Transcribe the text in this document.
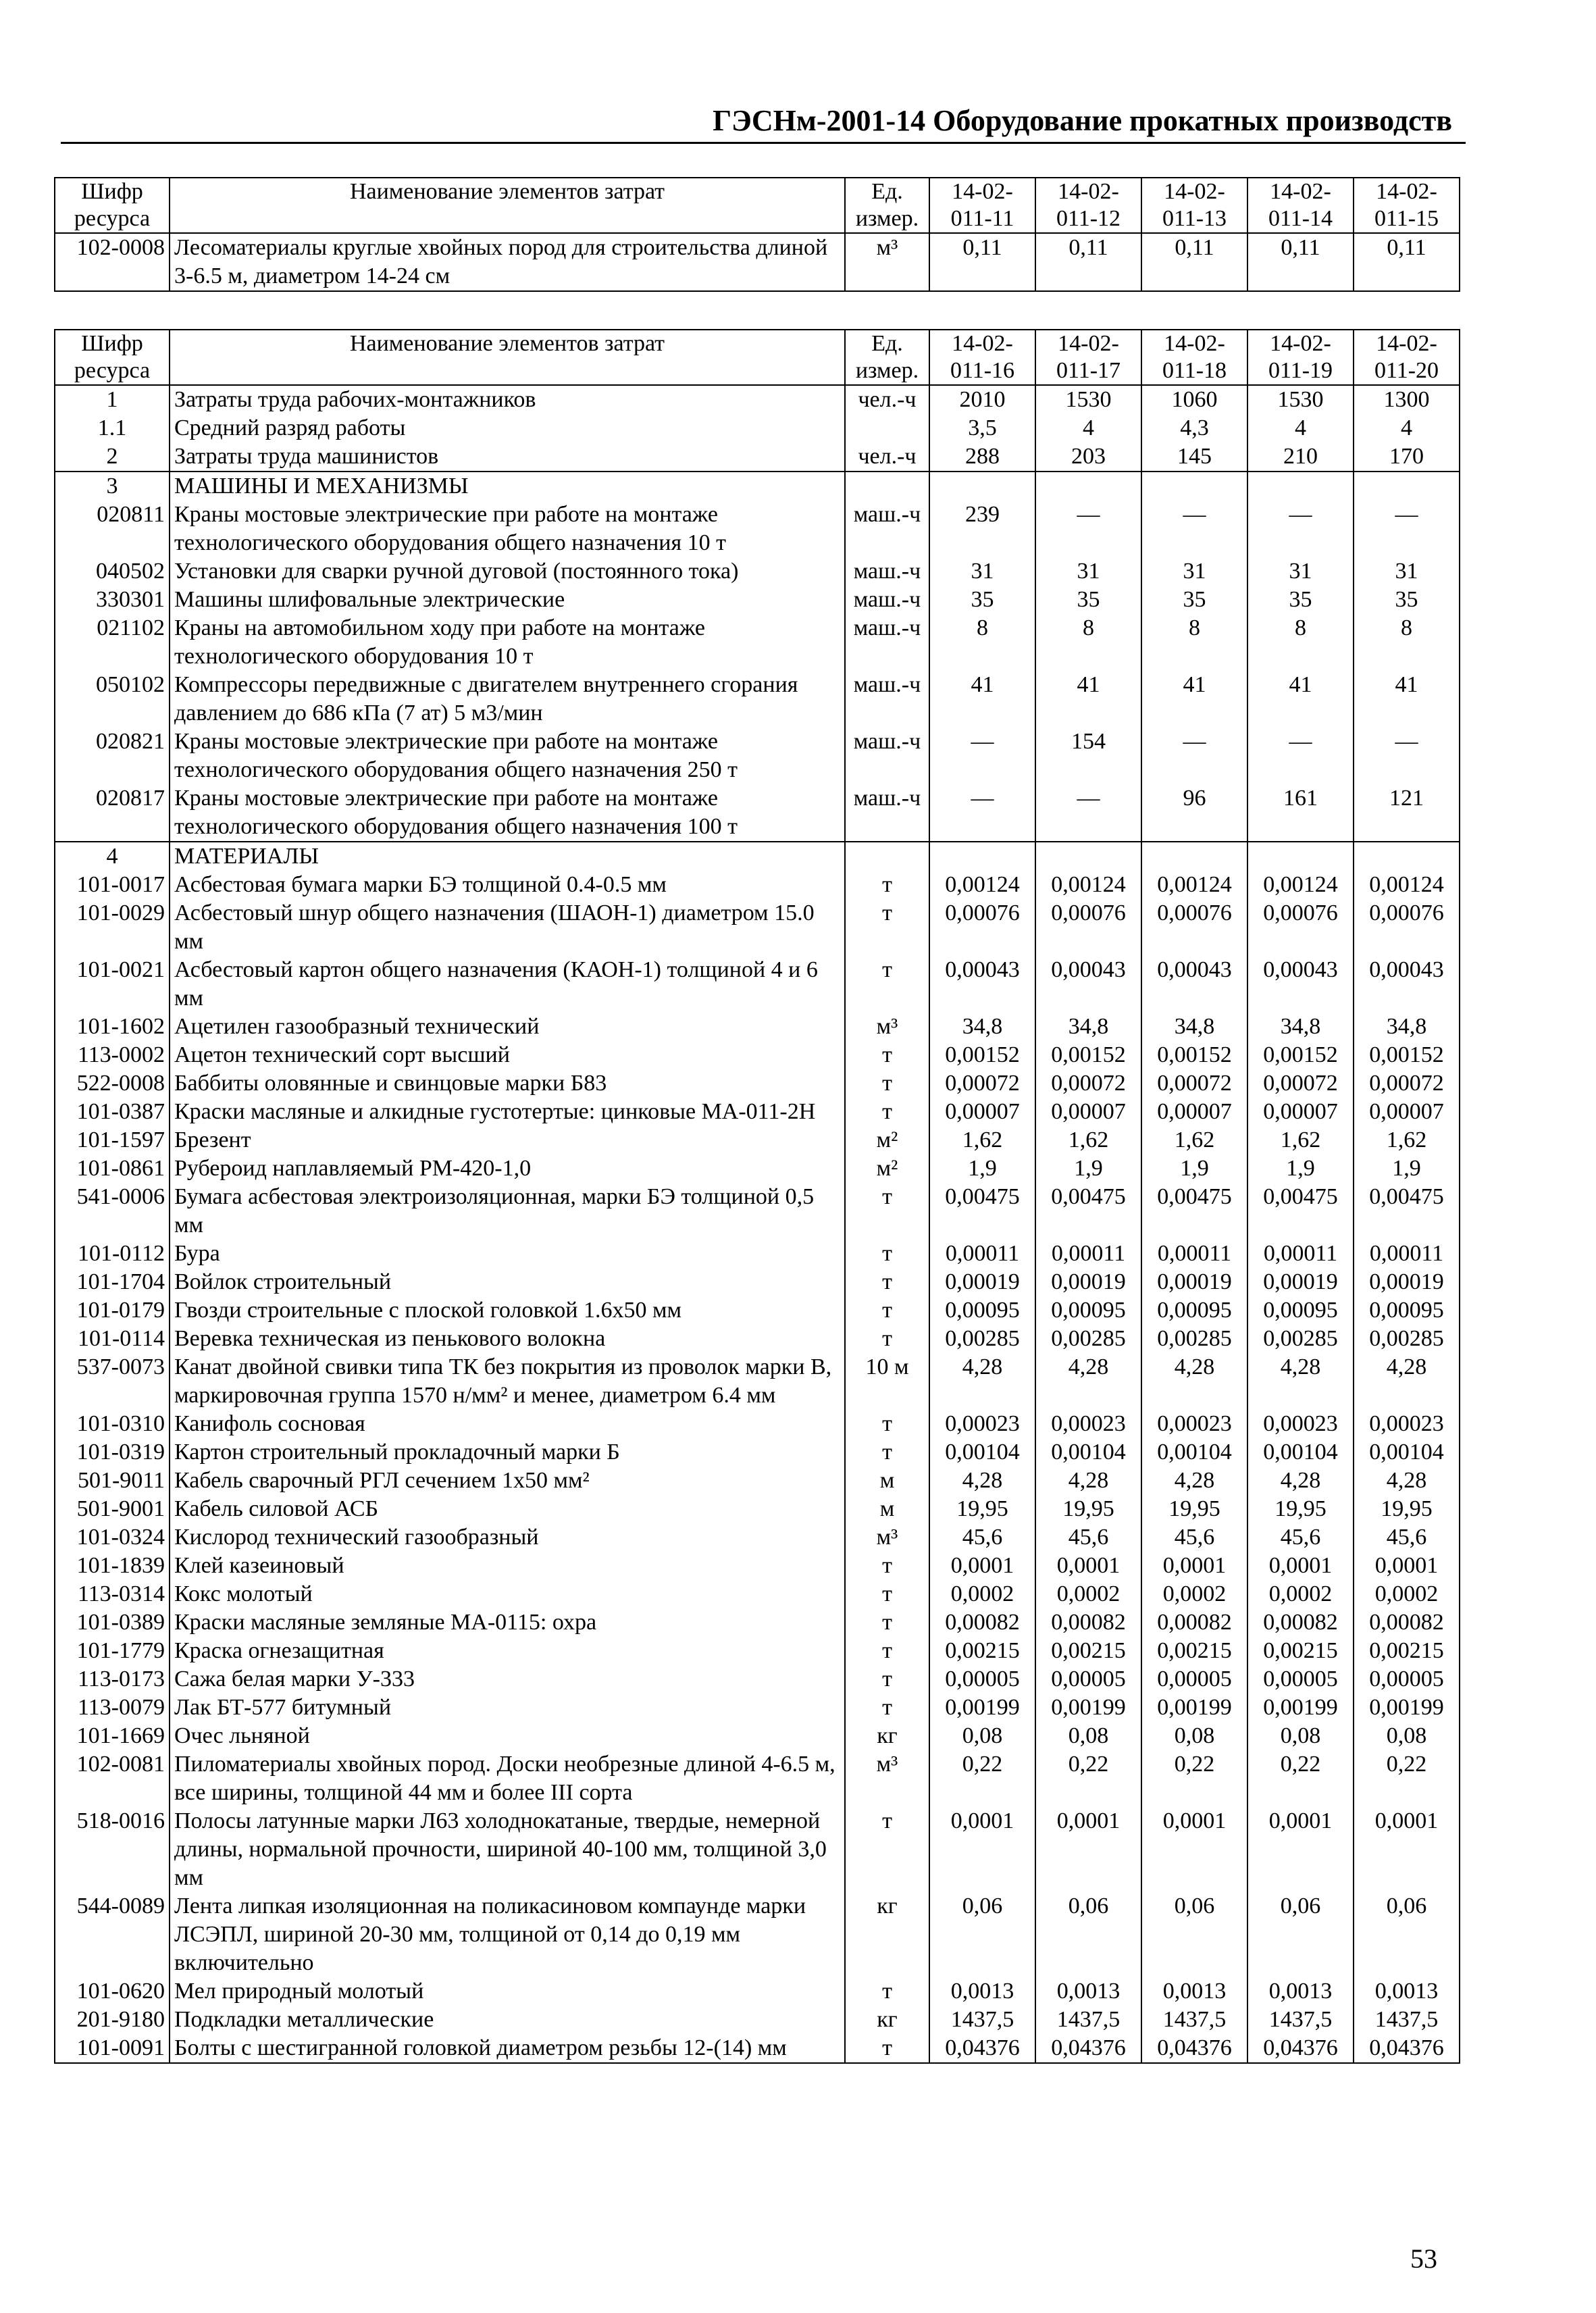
ГЭСНм-2001-14 Оборудование прокатных производств
Шифр ресурса	Наименование элементов затрат	Ед. измер.	14-02-011-11	14-02-011-12	14-02-011-13	14-02-011-14	14-02-011-15
102-0008	Лесоматериалы круглые хвойных пород для строительства длиной 3-6.5 м, диаметром 14-24 см	м³	0,11	0,11	0,11	0,11	0,11
Шифр ресурса	Наименование элементов затрат	Ед. измер.	14-02-011-16	14-02-011-17	14-02-011-18	14-02-011-19	14-02-011-20
1	Затраты труда рабочих-монтажников	чел.-ч	2010	1530	1060	1530	1300
1.1	Средний разряд работы		3,5	4	4,3	4	4
2	Затраты труда машинистов	чел.-ч	288	203	145	210	170
3	МАШИНЫ И МЕХАНИЗМЫ						
020811	Краны мостовые электрические при работе на монтаже технологического оборудования общего назначения 10 т	маш.-ч	239	—	—	—	—
040502	Установки для сварки ручной дуговой (постоянного тока)	маш.-ч	31	31	31	31	31
330301	Машины шлифовальные электрические	маш.-ч	35	35	35	35	35
021102	Краны на автомобильном ходу при работе на монтаже технологического оборудования 10 т	маш.-ч	8	8	8	8	8
050102	Компрессоры передвижные с двигателем внутреннего сгорания давлением до 686 кПа (7 ат) 5 м3/мин	маш.-ч	41	41	41	41	41
020821	Краны мостовые электрические при работе на монтаже технологического оборудования общего назначения 250 т	маш.-ч	—	154	—	—	—
020817	Краны мостовые электрические при работе на монтаже технологического оборудования общего назначения 100 т	маш.-ч	—	—	96	161	121
4	МАТЕРИАЛЫ						
101-0017	Асбестовая бумага марки БЭ толщиной 0.4-0.5 мм	т	0,00124	0,00124	0,00124	0,00124	0,00124
101-0029	Асбестовый шнур общего назначения (ШАОН-1) диаметром 15.0 мм	т	0,00076	0,00076	0,00076	0,00076	0,00076
101-0021	Асбестовый картон общего назначения (КАОН-1) толщиной 4 и 6 мм	т	0,00043	0,00043	0,00043	0,00043	0,00043
101-1602	Ацетилен газообразный технический	м³	34,8	34,8	34,8	34,8	34,8
113-0002	Ацетон технический сорт высший	т	0,00152	0,00152	0,00152	0,00152	0,00152
522-0008	Баббиты оловянные и свинцовые марки Б83	т	0,00072	0,00072	0,00072	0,00072	0,00072
101-0387	Краски масляные и алкидные густотертые: цинковые МА-011-2Н	т	0,00007	0,00007	0,00007	0,00007	0,00007
101-1597	Брезент	м²	1,62	1,62	1,62	1,62	1,62
101-0861	Рубероид наплавляемый РМ-420-1,0	м²	1,9	1,9	1,9	1,9	1,9
541-0006	Бумага асбестовая электроизоляционная, марки БЭ толщиной 0,5 мм	т	0,00475	0,00475	0,00475	0,00475	0,00475
101-0112	Бура	т	0,00011	0,00011	0,00011	0,00011	0,00011
101-1704	Войлок строительный	т	0,00019	0,00019	0,00019	0,00019	0,00019
101-0179	Гвозди строительные с плоской головкой 1.6х50 мм	т	0,00095	0,00095	0,00095	0,00095	0,00095
101-0114	Веревка техническая из пенькового волокна	т	0,00285	0,00285	0,00285	0,00285	0,00285
537-0073	Канат двойной свивки типа ТК без покрытия из проволок марки В, маркировочная группа 1570 н/мм² и менее, диаметром 6.4 мм	10 м	4,28	4,28	4,28	4,28	4,28
101-0310	Канифоль сосновая	т	0,00023	0,00023	0,00023	0,00023	0,00023
101-0319	Картон строительный прокладочный марки Б	т	0,00104	0,00104	0,00104	0,00104	0,00104
501-9011	Кабель сварочный РГЛ сечением 1х50 мм²	м	4,28	4,28	4,28	4,28	4,28
501-9001	Кабель силовой АСБ	м	19,95	19,95	19,95	19,95	19,95
101-0324	Кислород технический газообразный	м³	45,6	45,6	45,6	45,6	45,6
101-1839	Клей казеиновый	т	0,0001	0,0001	0,0001	0,0001	0,0001
113-0314	Кокс молотый	т	0,0002	0,0002	0,0002	0,0002	0,0002
101-0389	Краски масляные земляные МА-0115: охра	т	0,00082	0,00082	0,00082	0,00082	0,00082
101-1779	Краска огнезащитная	т	0,00215	0,00215	0,00215	0,00215	0,00215
113-0173	Сажа белая марки У-333	т	0,00005	0,00005	0,00005	0,00005	0,00005
113-0079	Лак БТ-577 битумный	т	0,00199	0,00199	0,00199	0,00199	0,00199
101-1669	Очес льняной	кг	0,08	0,08	0,08	0,08	0,08
102-0081	Пиломатериалы хвойных пород. Доски необрезные длиной 4-6.5 м, все ширины, толщиной 44 мм и более III сорта	м³	0,22	0,22	0,22	0,22	0,22
518-0016	Полосы латунные марки Л63 холоднокатаные, твердые, немерной длины, нормальной прочности, шириной 40-100 мм, толщиной 3,0 мм	т	0,0001	0,0001	0,0001	0,0001	0,0001
544-0089	Лента липкая изоляционная на поликасиновом компаунде марки ЛСЭПЛ, шириной 20-30 мм, толщиной от 0,14 до 0,19 мм включительно	кг	0,06	0,06	0,06	0,06	0,06
101-0620	Мел природный молотый	т	0,0013	0,0013	0,0013	0,0013	0,0013
201-9180	Подкладки металлические	кг	1437,5	1437,5	1437,5	1437,5	1437,5
101-0091	Болты с шестигранной головкой диаметром резьбы 12-(14) мм	т	0,04376	0,04376	0,04376	0,04376	0,04376
53
